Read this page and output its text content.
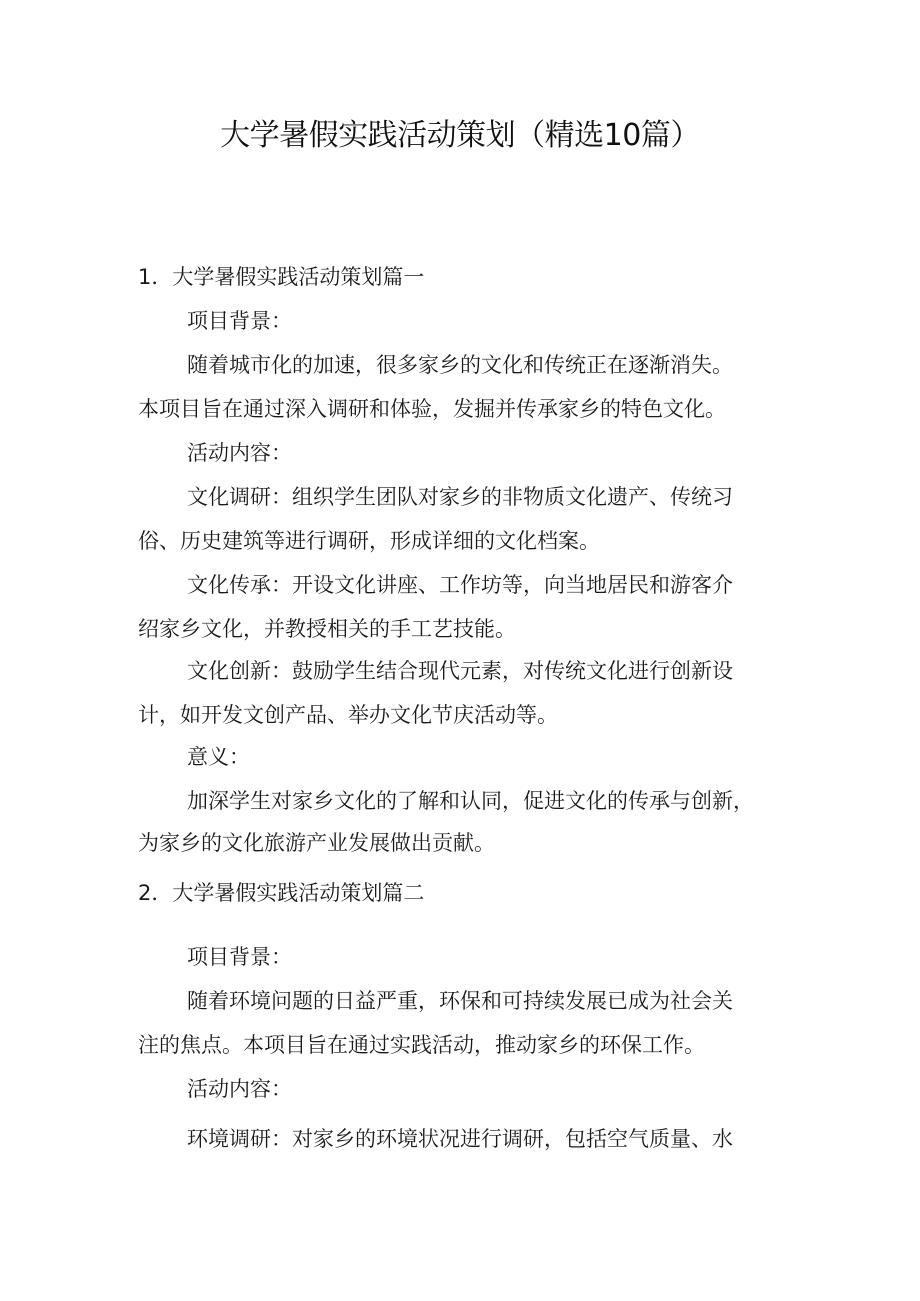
大学暑假实践活动策划（精选10篇）
1．大学暑假实践活动策划篇一
项目背景：
随着城市化的加速，很多家乡的文化和传统正在逐渐消失。
本项目旨在通过深入调研和体验，发掘并传承家乡的特色文化。
活动内容：
文化调研：组织学生团队对家乡的非物质文化遗产、传统习
俗、历史建筑等进行调研，形成详细的文化档案。
文化传承：开设文化讲座、工作坊等，向当地居民和游客介
绍家乡文化，并教授相关的手工艺技能。
文化创新：鼓励学生结合现代元素，对传统文化进行创新设
计，如开发文创产品、举办文化节庆活动等。
意义：
加深学生对家乡文化的了解和认同，促进文化的传承与创新，
为家乡的文化旅游产业发展做出贡献。
2．大学暑假实践活动策划篇二
项目背景：
随着环境问题的日益严重，环保和可持续发展已成为社会关
注的焦点。本项目旨在通过实践活动，推动家乡的环保工作。
活动内容：
环境调研：对家乡的环境状况进行调研，包括空气质量、水
